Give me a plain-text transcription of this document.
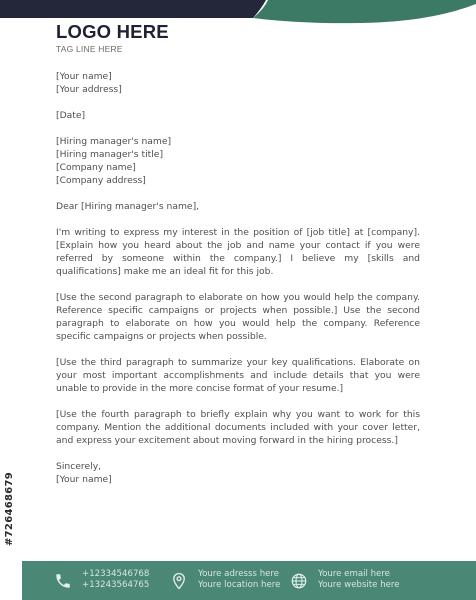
LOGO HERE
TAG LINE HERE
[Your name]
[Your address]
[Date]
[Hiring manager's name]
[Hiring manager's title]
[Company name]
[Company address]
Dear [Hiring manager's name],

I'm writing to express my interest in the position of [job title] at [company]. [Explain how you heard about the job and name your contact if you were referred by someone within the company.] I believe my [skills and qualifications] make me an ideal fit for this job.

[Use the second paragraph to elaborate on how you would help the company. Reference specific campaigns or projects when possible.] Use the second paragraph to elaborate on how you would help the company. Reference specific campaigns or projects when possible.

[Use the third paragraph to summarize your key qualifications. Elaborate on your most important accomplishments and include details that you were unable to provide in the more concise format of your resume.]

[Use the fourth paragraph to briefly explain why you want to work for this company. Mention the additional documents included with your cover letter, and express your excitement about moving forward in the hiring process.]

Sincerely,
[Your name]
#726468679
+12334546768
+13243564765
Youre adresss here
Youre location here
Youre email here
Youre website here
